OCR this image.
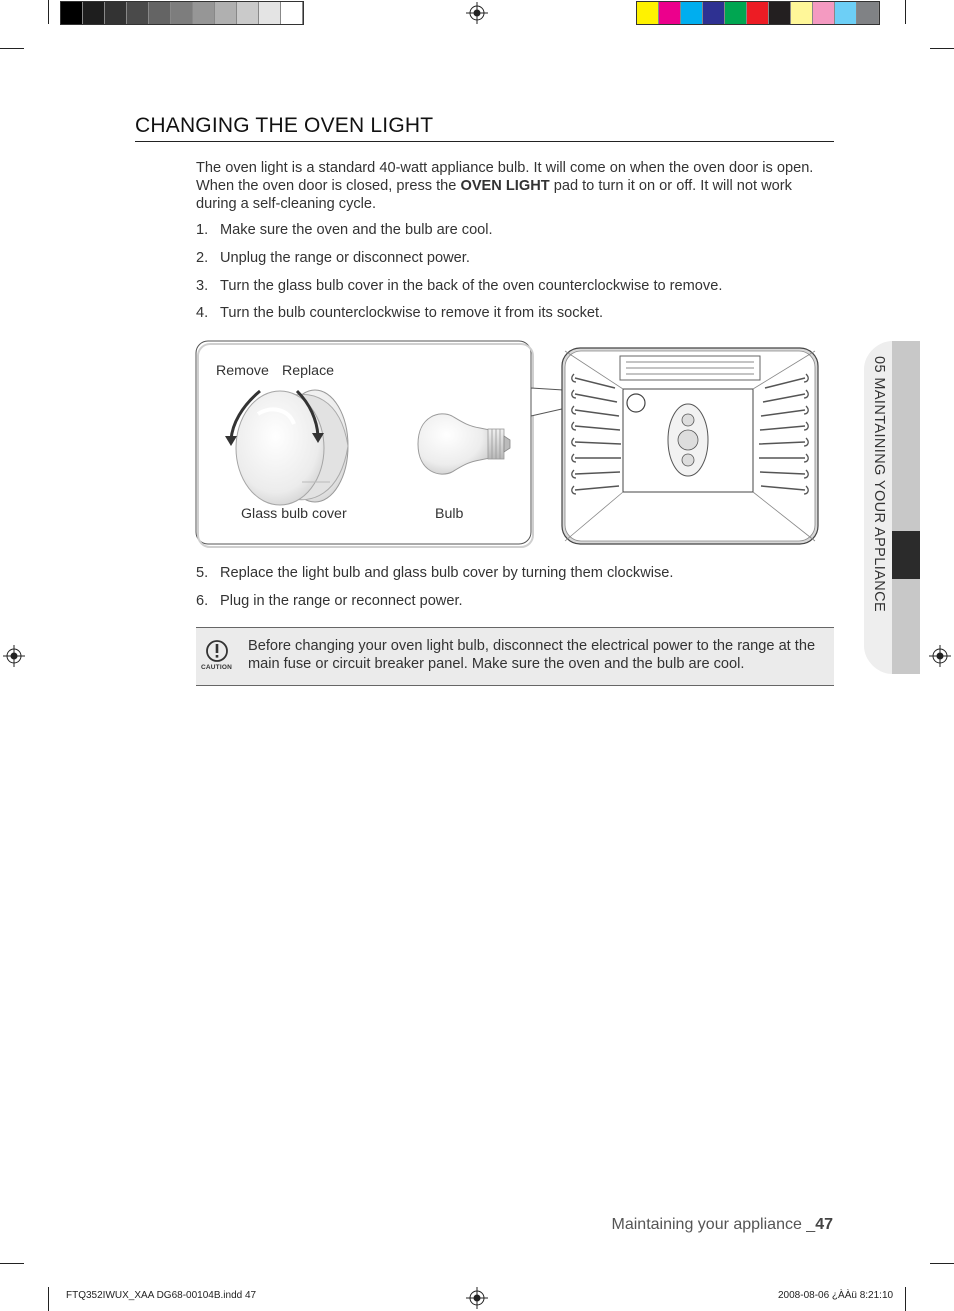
CHANGING THE OVEN LIGHT
The oven light is a standard 40-watt appliance bulb. It will come on when the oven door is open. When the oven door is closed, press the OVEN LIGHT pad to turn it on or off. It will not work during a self-cleaning cycle.
1. Make sure the oven and the bulb are cool.
2. Unplug the range or disconnect power.
3. Turn the glass bulb cover in the back of the oven counterclockwise to remove.
4. Turn the bulb counterclockwise to remove it from its socket.
Remove Replace
Glass bulb cover	Bulb
5. Replace the light bulb and glass bulb cover by turning them clockwise.
6. Plug in the range or reconnect power.
CAUTION
Before changing your oven light bulb, disconnect the electrical power to the range at the main fuse or circuit breaker panel. Make sure the oven and the bulb are cool.
05 MAINTAINING YOUR APPLIANCE
Maintaining your appliance _47
FTQ352IWUX_XAA DG68-00104B.indd 47	2008-08-06 ¿ÀÀü 8:21:10
